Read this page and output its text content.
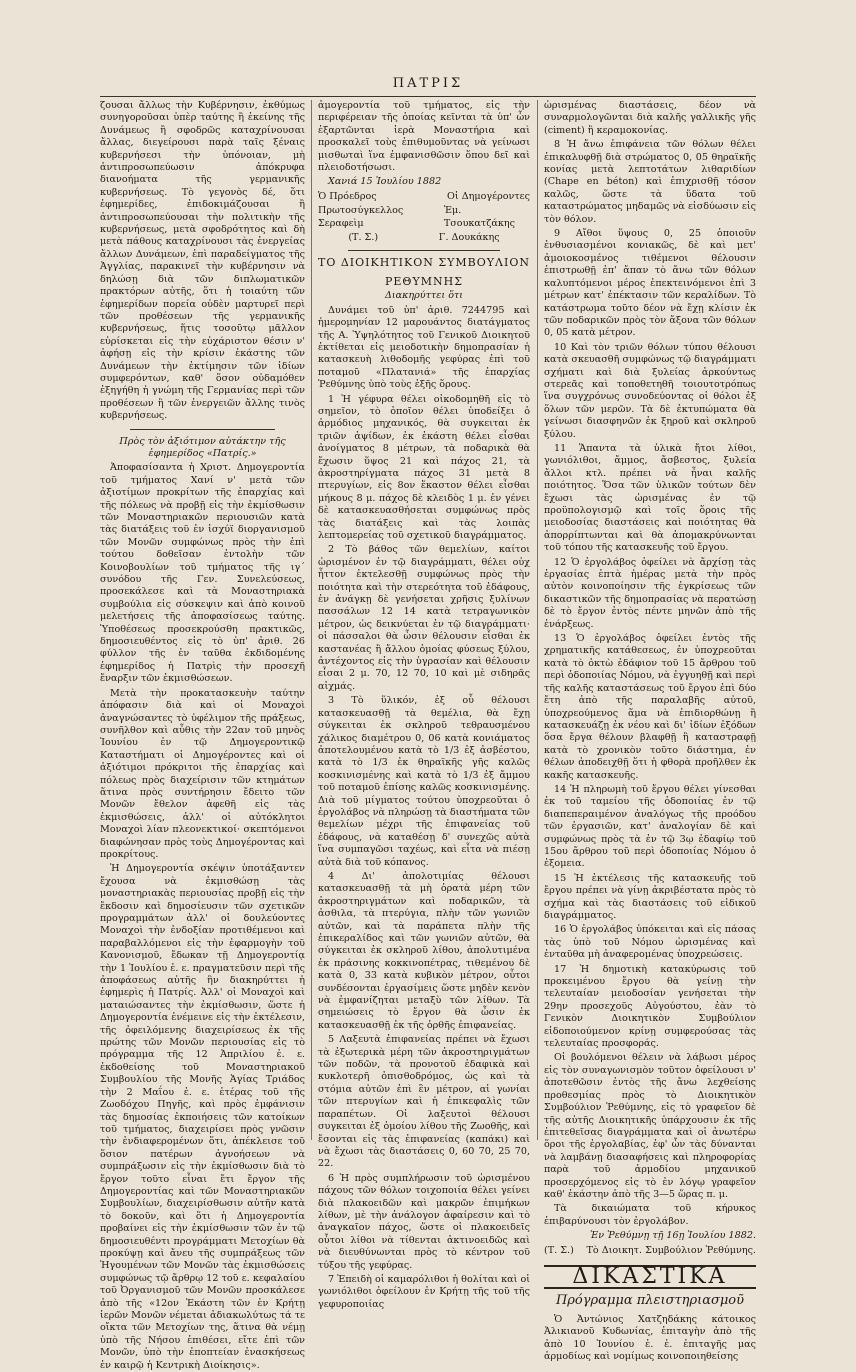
ΠΑΤΡΙΣ

ζουσαι ἄλλως τὴν Κυβέρνησιν, ἐκθύμως συνηγοροῦσαι ὑπὲρ ταύτης ἢ ἐκείνης τῆς Δυνάμεως ἢ σφοδρῶς καταχρίνουσαι ἄλλας, διεγείρουσι παρὰ ταῖς ξέναις κυβερνήσεσι τὴν ὑπόνοιαν, μὴ ἀντιπροσωπεύωσιν ἀπόκρυφα διανοήματα τῆς γερμανικῆς κυβερνήσεως. Τὸ γεγονὸς δέ, ὅτι ἐφημερίδες, ἐπιδοκιμάζουσαι ἢ ἀντιπροσωπεύουσαι τὴν πολιτικὴν τῆς κυβερνήσεως, μετὰ σφοδρότητος καὶ δὴ μετὰ πάθους καταχρίνουσι τὰς ἐνεργείας ἄλλων Δυνάμεων, ἐπὶ παραδείγματος τῆς Ἀγγλίας, παρακινεῖ τὴν κυβέρνησιν νὰ δηλώσῃ διὰ τῶν διπλωματικῶν πρακτόρων αὐτῆς, ὅτι ἡ τοιαύτη τῶν ἐφημερίδων πορεία οὐδὲν μαρτυρεῖ περὶ τῶν προθέσεων τῆς γερμανικῆς κυβερνήσεως, ἥτις τοσοῦτῳ μᾶλλον εὑρίσκεται εἰς τὴν εὐχάριστον θέσιν ν' ἀφήσῃ εἰς τὴν κρίσιν ἑκάστης τῶν Δυνάμεων τὴν ἐκτίμησιν τῶν ἰδίων συμφερόντων, καθ' ὅσον οὐδαμόθεν ἐξηγήθη ἡ γνώμη τῆς Γερμανίας περὶ τῶν προθέσεων ἢ τῶν ἐνεργειῶν ἄλλης τινὸς κυβερνήσεως.

Πρὸς τὸν ἀξιότιμον αὐτάκτην τῆς ἐφημερίδος «Πατρίς.»

Ἀποφασίσαντα ἡ Χριστ. Δημογεροντία τοῦ τμήματος Χανί ν' μετὰ τῶν ἀξιοτίμων προκρίτων τῆς ἐπαρχίας καὶ τῆς πόλεως νὰ προβῇ εἰς τὴν ἐκμίσθωσιν τῶν Μοναστηριακῶν περιουσιῶν κατὰ τὰς διατάξεις τοῦ ἐν ἰσχύϊ διοργανισμοῦ τῶν Μονῶν συμφώνως πρὸς τὴν ἐπὶ τούτου δοθεῖσαν ἐντολὴν τῶν Κοινοβουλίων τοῦ τμήματος τῆς ιγ΄ συνόδου τῆς Γεν. Συνελεύσεως, προσεκάλεσε καὶ τὰ Μοναστηριακὰ συμβούλια εἰς σύσκεψιν καὶ ἀπὸ κοινοῦ μελετήσεις τῆς ἀποφασίσεως ταύτης. Ὑποθέσεως προσεκρούσθη πρακτικῶς, δημοσιευθέντος εἰς τὸ ὑπ' ἀριθ. 26 φύλλον τῆς ἐν ταῦθα ἐκδιδομένης ἐφημερίδος ἡ Πατρὶς τὴν προσεχῆ ἔναρξιν τῶν ἐκμισθώσεων.

Μετὰ τὴν προκατασκευὴν ταύτην ἀπόφασιν διὰ καὶ οἱ Μοναχοὶ ἀναγνώσαντες τὸ ὑφέλιμον τῆς πράξεως, συνῆλθον καὶ αὖθις τὴν 22αν τοῦ μηνὸς Ἰουνίου ἐν τῷ Δημογεροντικῷ Καταστήματι οἱ Δημογέροντες καὶ οἱ ἀξιότιμοι πρόκριτοι τῆς ἐπαρχίας καὶ πόλεως πρὸς διαχείρισιν τῶν κτημάτων ἅτινα πρὸς συντήρησιν ἔδειτο τῶν Μονῶν ἔθελον ἀφεθῆ εἰς τὰς ἐκμισθώσεις, ἀλλ' οἱ αὐτόκλητοι Μοναχοὶ λίαν πλεονεκτικοί· σκεπτόμενοι διαφώνησαν πρὸς τοὺς Δημογέροντας καὶ προκρίτους.

Ἡ Δημογεροντία σκέψιν ὑποτάξαντεν ἔχουσα νὰ ἐκμισθώσῃ τὰς μοναστηριακὰς περιουσίας προβῇ εἰς τὴν ἔκδοσιν καὶ δημοσίευσιν τῶν σχετικῶν προγραμμάτων ἀλλ' οἱ δουλεύοντες Μοναχοὶ τὴν ἐνδοξίαν προτιθέμενοι καὶ παραβαλλόμενοι εἰς τὴν ἐφαρμογὴν τοῦ Κανονισμοῦ, ἔδωκαν τῇ Δημογεροντίᾳ τὴν 1 Ἰουλίου ἐ. ε. πραγματεῦσιν περὶ τῆς ἀποφάσεως αὐτῆς ἣν διακηρύττει ἡ ἐφημερὶς ἡ Πατρίς. Ἀλλ' οἱ Μοναχοὶ καὶ ματαιώσαντες τὴν ἐκμίσθωσιν, ὥστε ἡ Δημογεροντία ἐνέμεινε εἰς τὴν ἐκτέλεσιν, τῆς ὀφειλόμενης διαχειρίσεως ἐκ τῆς πρώτης τῶν Μονῶν περιουσίας εἰς τὸ πρόγραμμα τῆς 12 Ἀπριλίου ἐ. ε. ἐκδοθείσης τοῦ Μοναστηριακοῦ Συμβουλίου τῆς Μονῆς Ἁγίας Τριάδος τὴν 2 Μαΐου ἐ. ε. ἑτέρας τοῦ τῆς Ζωοδόχου Πηγῆς, καὶ πρὸς ἐμφάνισιν τὰς δημοσίας ἐκποιήσεις τῶν κατοίκων τοῦ τμήματος, διαχειρίσει πρὸς γνῶσιν τὴν ἐνδιαφερομένων ὅτι, ἀπέκλεισε τοῦ ὅσιον πατέρων ἀγνοήσεων νὰ συμπράξωσιν εἰς τὴν ἐκμίσθωσιν διὰ τὸ ἔργον τοῦτο εἶναι ἔτι ἔργον τῆς Δημογεροντίας καὶ τῶν Μοναστηριακῶν Συμβουλίων, διαχειρίσθωσιν αὐτῆν κατὰ τὸ δοκοῦν, καὶ ὅτι ἡ Δημογεροντία προβαίνει εἰς τὴν ἐκμίσθωσιν τῶν ἐν τῷ δημοσιευθέντι προγράμματι Μετοχίων θὰ προκύψῃ καὶ ἄνευ τῆς συμπράξεως τῶν Ἡγουμένων τῶν Μονῶν τὰς ἐκμισθώσεις συμφώνως τῷ ἄρθρῳ 12 τοῦ ε. κεφαλαίου τοῦ Ὀργανισμοῦ τῶν Μονῶν προσκάλεσε ἀπὸ τῆς «12ον Ἑκάστη τῶν ἐν Κρήτῃ ἱερῶν Μονῶν νέμεται ἀδιακωλύτως τά τε οἴκτα τῶν Μετοχίων της, ἅτινα θὰ νέμῃ ὑπὸ τῆς Νήσου ἐπιθέσει, εἴτε ἐπὶ τῶν Μονῶν, ὑπὸ τὴν ἐποπτείαν ἐνασκήσεως ἐν καιρῷ ἡ Κεντρικὴ Διοίκησις».

ἀμογεροντία τοῦ τμήματος, εἰς τὴν περιφέρειαν τῆς ὁποίας κεῖνται τὰ ὑπ' ὧν ἐξαρτῶνται ἱερὰ Μοναστήρια καὶ προσκαλεῖ τοὺς ἐπιθυμοῦντας νὰ γείνωσι μισθωταὶ ἵνα ἐμφανισθῶσιν ὅπου δεῖ καὶ πλειοδοτήσωσι.

Χανιά 15 Ἰουλίου 1882

Ὁ Πρόεδρος	Οἱ Δημογέροντες
Πρωτοσύγκελλος Σεραφεὶμ
Ἐμ. Τσουκατζάκης
(Τ. Σ.)	Γ. Δουκάκης
ΤΟ ΔΙΟΙΚΗΤΙΚΟΝ ΣΥΜΒΟΥΛΙΟΝ
ΡΕΘΥΜΝΗΣ

Διακηρύττει ὅτι

Δυνάμει τοῦ ὑπ' ἀριθ. 7244795 καὶ ἡμερομηνίαν 12 μαρουάντος διατάγματος τῆς Α. Ὑψηλότητος τοῦ Γενικοῦ Διοικητοῦ ἐκτίθεται εἰς μειοδοτικὴν δημοπρασίαν ἡ κατασκευὴ λιθοδομῆς γεφύρας ἐπὶ τοῦ ποταμοῦ «Πλατανιά» τῆς ἐπαρχίας Ῥεθύμνης ὑπὸ τοὺς ἑξῆς ὅρους.

1 Ἡ γέφυρα θέλει οἰκοδομηθῆ εἰς τὸ σημεῖον, τὸ ὁποῖον θέλει ὑποδείξει ὁ ἀρμόδιος μηχανικός, θὰ συγκειται ἐκ τριῶν ἁψίδων, ἐκ ἑκάστη θέλει εἶσθαι ἀνοίγματος 8 μέτρων, τὰ ποδαρικὰ θὰ ἔχωσιν ὕψος 21 καὶ πάχος 21, τὰ ἀκροστηρίγματα πάχος 31 μετὰ 8 πτερυγίων, εἰς 8ον ἕκαστον θέλει εἶσθαι μήκους 8 μ. πάχος δὲ κλειδὸς 1 μ. ἐν γένει δὲ κατασκευασθήσεται συμφώνως πρὸς τὰς διατάξεις καὶ τὰς λοιπὰς λεπτομερείας τοῦ σχετικοῦ διαγράμματος.

2 Τὸ βάθος τῶν θεμελίων, καίτοι ὡρισμένον ἐν τῷ διαγράμματι, θέλει οὐχ ἧττον ἐκτελεσθῇ συμφώνως πρὸς τὴν ποιότητα καὶ τὴν στερεότητα τοῦ ἐδάφους, ἐν ἀνάγκῃ δὲ γενήσεται χρῆσις ξυλίνων πασσάλων 12 14 κατὰ τετραγωνικὸν μέτρον, ὡς δεικνύεται ἐν τῷ διαγράμματι· οἱ πάσσαλοι θὰ ὦσιν θέλουσιν εἶσθαι ἐκ καστανέας ἢ ἄλλου ὁμοίας φύσεως ξύλου, ἀντέχοντος εἰς τὴν ὑγρασίαν καὶ θέλουσιν εἶσαι 2 μ. 70, 12 70, 10 καὶ μὲ σιδηρᾶς αἰχμάς.

3 Τὸ ὕλικόν, ἐξ οὗ θέλουσι κατασκευασθῇ τὰ θεμέλια, θὰ ἔχῃ σύγκειται ἐκ σκληροῦ τεθραυσμένου χάλικος διαμέτρου 0, 06 κατὰ κονιάματος ἀποτελουμένου κατὰ τὸ 1/3 ἐξ ἀσβέστου, κατὰ τὸ 1/3 ἐκ θηραϊκῆς γῆς καλῶς κοσκινισμένης καὶ κατὰ τὸ 1/3 ἐξ ἄμμου τοῦ ποταμοῦ ἐπίσης καλῶς κοσκινισμένης. Διὰ τοῦ μίγματος τούτου ὑποχρεοῦται ὁ ἐργολάβος νὰ πληρώσῃ τὰ διαστήματα τῶν θεμελίων μέχρι τῆς ἐπιφανείας τοῦ ἐδάφους, νὰ καταθέσῃ δ' συνεχῶς αὐτὰ ἵνα συμπαγῶσι ταχέως, καὶ εἶτα νὰ πιέσῃ αὐτὰ διὰ τοῦ κόπανος.

4 Δι' ἀπολοτιμίας θέλουσι κατασκευασθῇ τὰ μὴ ὁρατὰ μέρη τῶν ἀκροστηριγμάτων καὶ ποδαρικῶν, τὰ ἀσθιλα, τὰ πτερύγια, πλὴν τῶν γωνιῶν αὐτῶν, καὶ τὰ παράπετα πλὴν τῆς ἐπικεραλίδος καὶ τῶν γωνιῶν αὐτῶν, θὰ σύγκειται ἐκ σκληροῦ λίθου, ἀπολυτιμένα ἐκ πράσινης κοκκινοπέτρας, τιθεμένου δὲ κατὰ 0, 33 κατὰ κυβικὸν μέτρον, οὗτοι συνδέσονται ἐργασίμεις ὥστε μηδὲν κενὸν νὰ ἐμφανίζηται μεταξὺ τῶν λίθων. Τὰ σημειώσεις τὸ ἔργον θὰ ὦσιν ἐκ κατασκευασθῇ ἐκ τῆς ὀρθῆς ἐπιφανείας.

5 Λαξευτὰ ἐπιφανείας πρέπει νὰ ἔχωσι τὰ ἐξωτερικὰ μέρη τῶν ἀκροστηριγμάτων τῶν ποδῶν, τὰ προνοτοῦ ἑδαφικὰ καὶ κυκλοτερῆ ὀπισθοδρόμος, ὡς καὶ τὰ στόμια αὐτῶν ἐπὶ ἓν μέτρον, αἱ γωνίαι τῶν πτερυγίων καὶ ἡ ἐπικεφαλὶς τῶν παραπέτων. Οἱ λαξευτοὶ θέλουσι συγκειται ἐξ ὁμοίου λίθου τῆς Ζωοθῆς, καὶ ἔσονται εἰς τὰς ἐπιφανείας (καπάκι) καὶ νὰ ἔχωσι τὰς διαστάσεις 0, 60 70, 25 70, 22.

6 Ἡ πρὸς συμπλήρωσιν τοῦ ὡρισμένου πάχους τῶν θόλων τοιχοποιία θέλει γείνει διὰ πλακοειδῶν καὶ μακρῶν ἐπιμήκων λίθων, μὲ τὴν ἀνάλογον ἀφαίρεσιν καὶ τὸ ἀναγκαῖον πάχος, ὥστε οἱ πλακοειδεῖς οὗτοι λίθοι νὰ τίθενται ἀκτινοειδῶς καὶ νὰ διευθύνωνται πρὸς τὸ κέντρον τοῦ τύξου τῆς γεφύρας.

7 Ἐπειδὴ οἱ καμαρόλιθοι ἡ θολίται καὶ οἱ γωνιόλιθοι ὀφείλουν ἐν Κρήτῃ τῆς τοῦ τῆς γεφυροποιίας

ὡρισμένας διαστάσεις, δέον νὰ συναρμολογῶνται διὰ καλῆς γαλλικῆς γῆς (ciment) ἢ κεραμοκονίας.

8 Ἡ ἄνω ἐπιφάνεια τῶν θόλων θέλει ἐπικαλυφθῇ διὰ στρώματος 0, 05 θηραϊκῆς κονίας μετὰ λεπτοτάτων λιθαριδίων (Chape en béton) καὶ ἐπιχρισθῇ τόσον καλῶς, ὥστε τὰ ὕδατα τοῦ καταστρώματος μηδαμῶς νὰ εἰσδύωσιν εἰς τὸν θόλον.

9 Αἴθοι ὕψους 0, 25 ὁποιοῦν ἐνθυσιασμένοι κονιακῶς, δὲ καὶ μετ' ἀμοιοκοσμένος τιθέμενοι θέλουσιν ἐπιστρωθῇ ἐπ' ἄπαν τὸ ἄνω τῶν θόλων καλυπτόμενοι μέρος ἐπεκτεινόμενοι ἐπὶ 3 μέτρων κατ' ἐπέκτασιν τῶν κεραλίδων. Τὸ κατάστρωμα τοῦτο δέον νὰ ἔχῃ κλίσιν ἐκ τῶν ποδαρικῶν πρὸς τὸν ἄξονα τῶν θόλων 0, 05 κατὰ μέτρον.

10 Καὶ τὸν τριῶν θόλων τύπου θέλουσι κατὰ σκευασθῆ συμφώνως τῷ διαγράμματι σχήματι καὶ διὰ ξυλείας ἀρκούντως στερεᾶς καὶ τοποθετηθῆ τοιουτοτρόπως ἵνα συγχρόνως συνοδεύοντας οἱ θόλοι ἐξ ὅλων τῶν μερῶν. Τὰ δὲ ἐκτυπώματα θὰ γείνωσι διασφηνῶν ἐκ ξηροῦ καὶ σκληροῦ ξύλου.

11 Ἅπαντα τὰ ὑλικὰ ἤτοι λίθοι, γωνιόλιθοι, ἄμμος, ἄσβεστος, ξυλεία ἄλλοι κτλ. πρέπει νὰ ἦναι καλῆς ποιότητος. Ὅσα τῶν ὑλικῶν τούτων δὲν ἔχωσι τὰς ὡρισμένας ἐν τῷ προϋπολογισμῷ καὶ τοῖς ὅροις τῆς μειοδοσίας διαστάσεις καὶ ποιότητας θὰ ἀπορρίπτωνται καὶ θὰ ἀπομακρύνωνται τοῦ τόπου τῆς κατασκευῆς τοῦ ἔργου.

12 Ὁ ἐργολάβος ὀφείλει νὰ ἄρχίσῃ τὰς ἐργασίας ἑπτὰ ἡμέρας μετὰ τὴν πρὸς αὐτὸν κοινοποίησιν τῆς ἐγκρίσεως τῶν δικαστικῶν τῆς δημοπρασίας νὰ περατώσῃ δὲ τὸ ἔργον ἐντὸς πέντε μηνῶν ἀπὸ τῆς ἐνάρξεως.

13 Ὁ ἐργολάβος ὀφείλει ἐντὸς τῆς χρηματικῆς κατάθεσεως, ἐν ὑποχρεοῦται κατὰ τὸ ὀκτὼ ἐδάφιον τοῦ 15 ἄρθρου τοῦ περὶ ὁδοποιίας Νόμου, νὰ ἐγγυηθῇ καὶ περὶ τῆς καλῆς καταστάσεως τοῦ ἔργου ἐπὶ δύο ἔτη ἀπὸ τῆς παραλαβῆς αὐτοῦ, ὑποχρεούμενος ἅμα νὰ ἐπιδιορθώνῃ ἢ κατασκευάζῃ ἐκ νέου καὶ δι' ἰδίων ἐξόδων ὅσα ἔργα θέλουν βλαφθῇ ἢ καταστραφῇ κατὰ τὸ χρονικὸν τοῦτο διάστημα, ἐν θέλων ἀποδειχθῇ ὅτι ἡ φθορὰ προῆλθεν ἐκ κακῆς κατασκευῆς.

14 Ἡ πληρωμὴ τοῦ ἔργου θέλει γίνεσθαι ἐκ τοῦ ταμείου τῆς ὁδοποιίας ἐν τῷ διαπεπεραιμένον ἀναλόγως τῆς προόδου τῶν ἐργασιῶν, κατ' ἀναλογίαν δὲ καὶ συμφώνως πρὸς τὰ ἐν τῷ 3ῳ ἐδαφίῳ τοῦ 15ου ἄρθρου τοῦ περὶ ὁδοποιίας Νόμου ὁ ἐξομεια.

15 Ἡ ἐκτέλεσις τῆς κατασκευῆς τοῦ ἔργου πρέπει νὰ γίνῃ ἀκριβέστατα πρὸς τὸ σχήμα καὶ τὰς διαστάσεις τοῦ εἰδικοῦ διαγράμματος.

16 Ὁ ἐργολάβος ὑπόκειται καὶ εἰς πάσας τὰς ὑπὸ τοῦ Νόμου ὡρισμένας καὶ ἐνταῦθα μὴ ἀναφερομένας ὑποχρεώσεις.

17 Ἡ δημοτικὴ κατακύρωσις τοῦ προκειμένου ἔργου θὰ γείνῃ τὴν τελευταίαν μειοδοσίαν γενήσεται τὴν 29ην προσεχοῦς Αὐγούστου, ἐὰν τὸ Γενικὸν Διοικητικὸν Συμβούλιον εἰδοποιούμενον κρίνῃ συμφερούσας τὰς τελευταίας προσφοράς.

Οἱ βουλόμενοι θέλειν νὰ λάβωσι μέρος εἰς τὸν συναγωνισμὸν τοῦτον ὀφείλουσι ν' ἀποτεθῶσιν ἐντὸς τῆς ἄνω λεχθείσης προθεσμίας πρὸς τὸ Διοικητικὸν Συμβούλιον Ῥεθύμνης, εἰς τὸ γραφεῖον δὲ τῆς αὐτῆς Διοικητικῆς ὑπάρχουσιν ἐκ τῆς ἐπιτεθεῖσας διαγράμματα καὶ οἱ ἀνωτέρω ὅροι τῆς ἐργολαβίας, ἐφ' ὧν τὰς δύνανται νὰ λαμβάνῃ διασαφήσεις καὶ πληροφορίας παρὰ τοῦ ἁρμοδίου μηχανικοῦ προσερχόμενος εἰς τὸ ἐν λόγῳ γραφεῖον καθ' ἑκάστην ἀπὸ τῆς 3—5 ὥρας π. μ.

Τὰ δικαιώματα τοῦ κήρυκος ἐπιβαρύνουσι τὸν ἐργολάβον.

Ἐν Ῥεθύμνῃ τῇ 16ῃ Ἰουλίου 1882.

(Τ. Σ.) Τὸ Διοικητ. Συμβούλιον Ῥεθύμνης.
ΔΙΚΑΣΤΙΚΑ
Πρόγραμμα πλειστηριασμοῦ

Ὁ Ἀντώνιος Χατζηδάκης κάτοικος Ἀλικιανοῦ Κυδωνίας, ἐπιταγὴν ἀπὸ τῆς ἀπὸ 10 Ἰουνίου ἐ. ἐ. ἐπιταγῆς μας ἁρμοδίως καὶ νομίμως κοινοποιηθείσης
